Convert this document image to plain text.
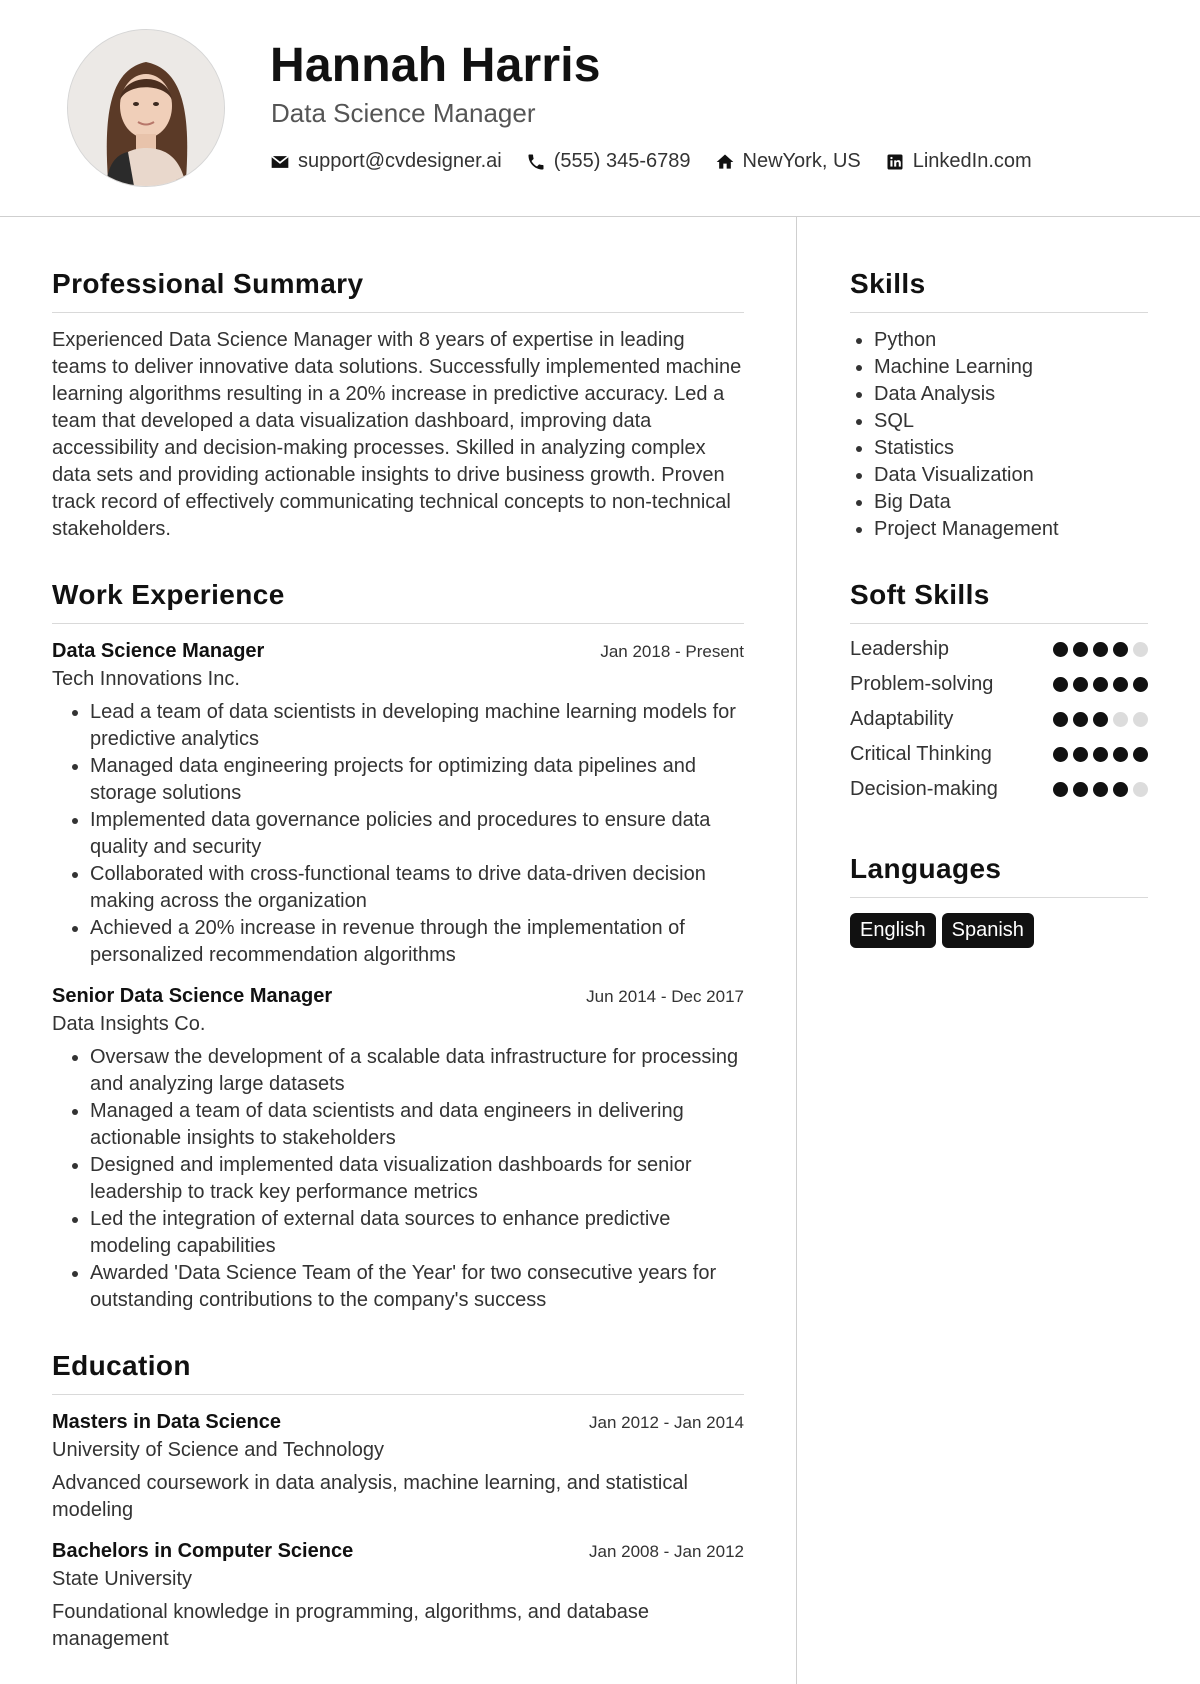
Hannah Harris
Data Science Manager
support@cvdesigner.ai	(555) 345-6789	NewYork, US	LinkedIn.com
Professional Summary

Experienced Data Science Manager with 8 years of expertise in leading teams to deliver innovative data solutions. Successfully implemented machine learning algorithms resulting in a 20% increase in predictive accuracy. Led a team that developed a data visualization dashboard, improving data accessibility and decision-making processes. Skilled in analyzing complex data sets and providing actionable insights to drive business growth. Proven track record of effectively communicating technical concepts to non-technical stakeholders.

Work Experience
Data Science Manager	Jan 2018 - Present
Tech Innovations Inc.
• Lead a team of data scientists in developing machine learning models for predictive analytics
• Managed data engineering projects for optimizing data pipelines and storage solutions
• Implemented data governance policies and procedures to ensure data quality and security
• Collaborated with cross-functional teams to drive data-driven decision making across the organization
• Achieved a 20% increase in revenue through the implementation of personalized recommendation algorithms
Senior Data Science Manager	Jun 2014 - Dec 2017
Data Insights Co.
• Oversaw the development of a scalable data infrastructure for processing and analyzing large datasets
• Managed a team of data scientists and data engineers in delivering actionable insights to stakeholders
• Designed and implemented data visualization dashboards for senior leadership to track key performance metrics
• Led the integration of external data sources to enhance predictive modeling capabilities
• Awarded 'Data Science Team of the Year' for two consecutive years for outstanding contributions to the company's success
Education
Masters in Data Science	Jan 2012 - Jan 2014
University of Science and Technology

Advanced coursework in data analysis, machine learning, and statistical modeling

Bachelors in Computer Science	Jan 2008 - Jan 2012
State University

Foundational knowledge in programming, algorithms, and database management

Skills
• Python
• Machine Learning
• Data Analysis
• SQL
• Statistics
• Data Visualization
• Big Data
• Project Management
Soft Skills
Leadership
Problem-solving
Adaptability
Critical Thinking
Decision-making
Languages
English	Spanish
